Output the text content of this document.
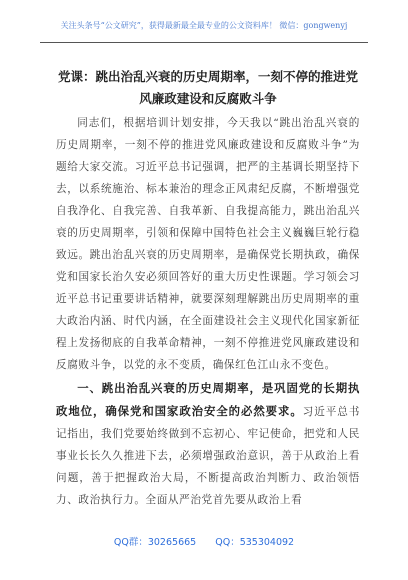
关注头条号“公文研究”，获得最新最全最专业的公文资料库！ 微信：gongwenyj
党课：跳出治乱兴衰的历史周期率，一刻不停的推进党风廉政建设和反腐败斗争

同志们，根据培训计划安排，今天我以“跳出治乱兴衰的历史周期率，一刻不停的推进党风廉政建设和反腐败斗争”为题给大家交流。习近平总书记强调，把严的主基调长期坚持下去，以系统施治、标本兼治的理念正风肃纪反腐，不断增强党自我净化、自我完善、自我革新、自我提高能力，跳出治乱兴衰的历史周期率，引领和保障中国特色社会主义巍巍巨轮行稳致远。跳出治乱兴衰的历史周期率，是确保党长期执政，确保党和国家长治久安必须回答好的重大历史性课题。学习领会习近平总书记重要讲话精神，就要深刻理解跳出历史周期率的重大政治内涵、时代内涵，在全面建设社会主义现代化国家新征程上发扬彻底的自我革命精神，一刻不停推进党风廉政建设和反腐败斗争，以党的永不变质，确保红色江山永不变色。

一、跳出治乱兴衰的历史周期率，是巩固党的长期执政地位，确保党和国家政治安全的必然要求。习近平总书记指出，我们党要始终做到不忘初心、牢记使命，把党和人民事业长长久久推进下去，必须增强政治意识，善于从政治上看问题，善于把握政治大局，不断提高政治判断力、政治领悟力、政治执行力。全面从严治党首先要从政治上看

QQ群：30265665 QQ：535304092
